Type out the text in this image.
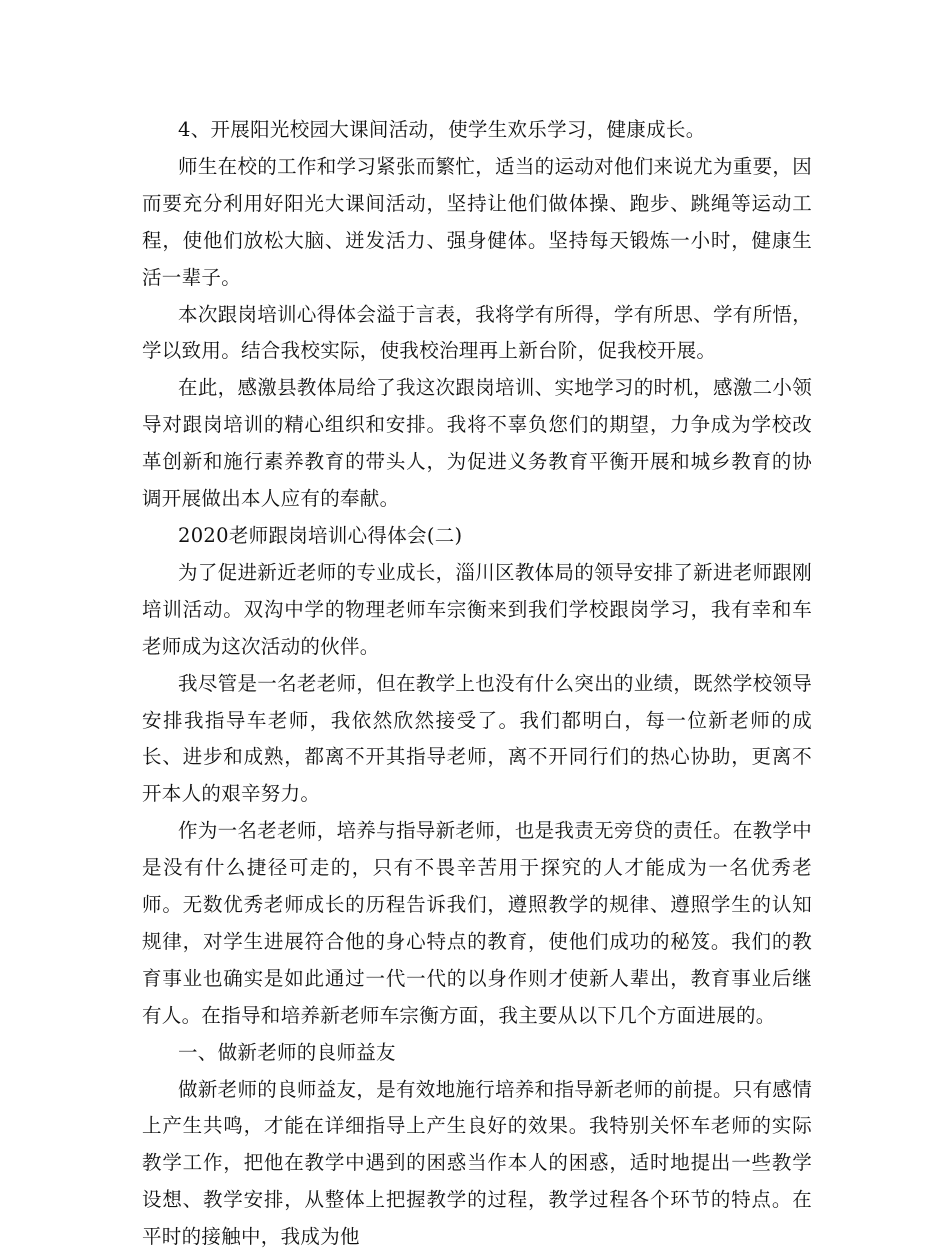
4、开展阳光校园大课间活动，使学生欢乐学习，健康成长。

师生在校的工作和学习紧张而繁忙，适当的运动对他们来说尤为重要，因而要充分利用好阳光大课间活动，坚持让他们做体操、跑步、跳绳等运动工程，使他们放松大脑、迸发活力、强身健体。坚持每天锻炼一小时，健康生活一辈子。

本次跟岗培训心得体会溢于言表，我将学有所得，学有所思、学有所悟，学以致用。结合我校实际，使我校治理再上新台阶，促我校开展。

在此，感激县教体局给了我这次跟岗培训、实地学习的时机，感激二小领导对跟岗培训的精心组织和安排。我将不辜负您们的期望，力争成为学校改革创新和施行素养教育的带头人，为促进义务教育平衡开展和城乡教育的协调开展做出本人应有的奉献。

2020老师跟岗培训心得体会(二)

为了促进新近老师的专业成长，淄川区教体局的领导安排了新进老师跟刚培训活动。双沟中学的物理老师车宗衡来到我们学校跟岗学习，我有幸和车老师成为这次活动的伙伴。

我尽管是一名老老师，但在教学上也没有什么突出的业绩，既然学校领导安排我指导车老师，我依然欣然接受了。我们都明白，每一位新老师的成长、进步和成熟，都离不开其指导老师，离不开同行们的热心协助，更离不开本人的艰辛努力。

作为一名老老师，培养与指导新老师，也是我责无旁贷的责任。在教学中是没有什么捷径可走的，只有不畏辛苦用于探究的人才能成为一名优秀老师。无数优秀老师成长的历程告诉我们，遵照教学的规律、遵照学生的认知规律，对学生进展符合他的身心特点的教育，使他们成功的秘笈。我们的教育事业也确实是如此通过一代一代的以身作则才使新人辈出，教育事业后继有人。在指导和培养新老师车宗衡方面，我主要从以下几个方面进展的。

一、做新老师的良师益友

做新老师的良师益友，是有效地施行培养和指导新老师的前提。只有感情上产生共鸣，才能在详细指导上产生良好的效果。我特别关怀车老师的实际教学工作，把他在教学中遇到的困惑当作本人的困惑，适时地提出一些教学设想、教学安排，从整体上把握教学的过程，教学过程各个环节的特点。在平时的接触中，我成为他
